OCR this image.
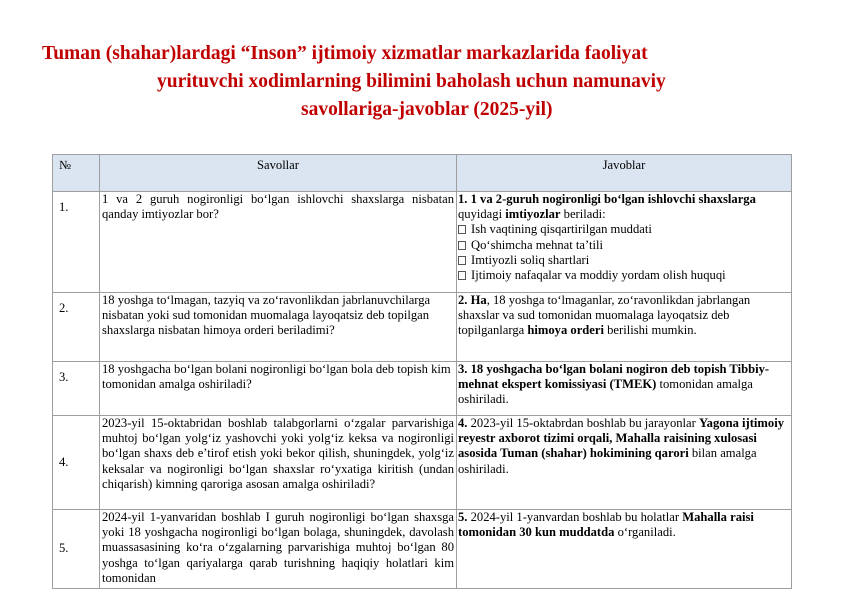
Tuman (shahar)lardagi “Inson” ijtimoiy xizmatlar markazlarida faoliyat
yurituvchi xodimlarning bilimini baholash uchun namunaviy
savollariga-javoblar (2025-yil)
№	Savollar	Javoblar
1.	1 va 2 guruh nogironligi bo‘lgan ishlovchi shaxslarga nisbatan qanday imtiyozlar bor?	1. 1 va 2-guruh nogironligi bo‘lgan ishlovchi shaxslarga quyidagi imtiyozlar beriladi:
Ish vaqtining qisqartirilgan muddati
Qo‘shimcha mehnat ta’tili
Imtiyozli soliq shartlari
Ijtimoiy nafaqalar va moddiy yordam olish huquqi

2.	18 yoshga to‘lmagan, tazyiq va zo‘ravonlikdan jabrlanuvchilarga nisbatan yoki sud tomonidan muomalaga layoqatsiz deb topilgan shaxslarga nisbatan himoya orderi beriladimi?	2. Ha, 18 yoshga to‘lmaganlar, zo‘ravonlikdan jabrlangan shaxslar va sud tomonidan muomalaga layoqatsiz deb topilganlarga himoya orderi berilishi mumkin.
3.	18 yoshgacha bo‘lgan bolani nogironligi bo‘lgan bola deb topish kim tomonidan amalga oshiriladi?	3. 18 yoshgacha bo‘lgan bolani nogiron deb topish Tibbiy-mehnat ekspert komissiyasi (TMEK) tomonidan amalga oshiriladi.
4.	2023-yil 15-oktabridan boshlab talabgorlarni o‘zgalar parvarishiga muhtoj bo‘lgan yolg‘iz yashovchi yoki yolg‘iz keksa va nogironligi bo‘lgan shaxs deb e’tirof etish yoki bekor qilish, shuningdek, yolg‘iz keksalar va nogironligi bo‘lgan shaxslar ro‘yxatiga kiritish (undan chiqarish) kimning qaroriga asosan amalga oshiriladi?	4. 2023-yil 15-oktabrdan boshlab bu jarayonlar Yagona ijtimoiy reyestr axborot tizimi orqali, Mahalla raisining xulosasi asosida Tuman (shahar) hokimining qarori bilan amalga oshiriladi.
5.	2024-yil 1-yanvaridan boshlab I guruh nogironligi bo‘lgan shaxsga yoki 18 yoshgacha nogironligi bo‘lgan bolaga, shuningdek, davolash muassasasining ko‘ra o‘zgalarning parvarishiga muhtoj bo‘lgan 80 yoshga to‘lgan qariyalarga qarab turishning haqiqiy holatlari kim tomonidan	5. 2024-yil 1-yanvardan boshlab bu holatlar Mahalla raisi tomonidan 30 kun muddatda o‘rganiladi.
